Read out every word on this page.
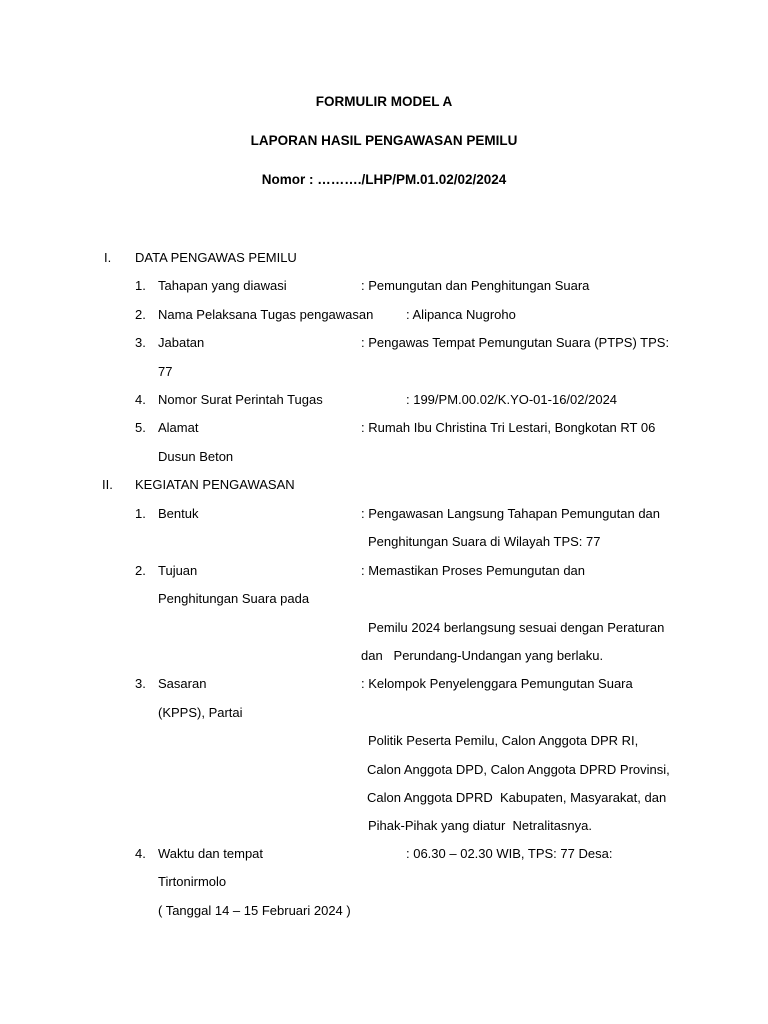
FORMULIR MODEL A
LAPORAN HASIL PENGAWASAN PEMILU
Nomor : ………./LHP/PM.01.02/02/2024
I. DATA PENGAWAS PEMILU
1. Tahapan yang diawasi	: Pemungutan dan Penghitungan Suara
2. Nama Pelaksana Tugas pengawasan	: Alipanca Nugroho
3. Jabatan	: Pengawas Tempat Pemungutan Suara (PTPS) TPS:
77
4. Nomor Surat Perintah Tugas	: 199/PM.00.02/K.YO-01-16/02/2024
5. Alamat	: Rumah Ibu Christina Tri Lestari, Bongkotan RT 06
Dusun Beton
II. KEGIATAN PENGAWASAN
1. Bentuk	: Pengawasan Langsung Tahapan Pemungutan dan
Penghitungan Suara di Wilayah TPS: 77
2. Tujuan	: Memastikan Proses Pemungutan dan
Penghitungan Suara pada
Pemilu 2024 berlangsung sesuai dengan Peraturan
dan   Perundang-Undangan yang berlaku.
3. Sasaran	: Kelompok Penyelenggara Pemungutan Suara
(KPPS), Partai
Politik Peserta Pemilu, Calon Anggota DPR RI,
Calon Anggota DPD, Calon Anggota DPRD Provinsi,
Calon Anggota DPRD  Kabupaten, Masyarakat, dan
Pihak-Pihak yang diatur  Netralitasnya.
4. Waktu dan tempat	: 06.30 – 02.30 WIB, TPS: 77 Desa:
Tirtonirmolo
( Tanggal 14 – 15 Februari 2024 )
